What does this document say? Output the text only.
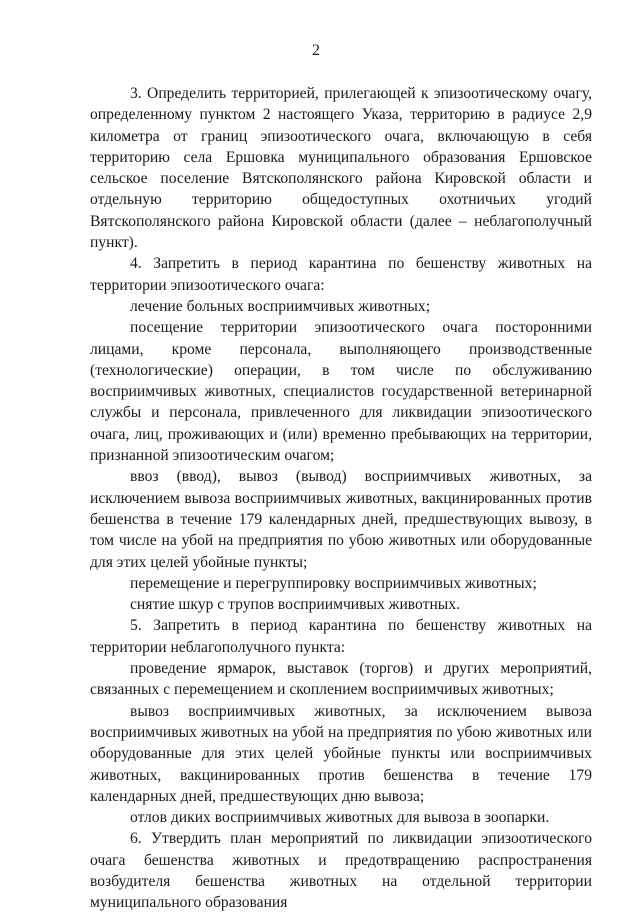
2

3. Определить территорией, прилегающей к эпизоотическому очагу, определенному пунктом 2 настоящего Указа, территорию в радиусе 2,9 километра от границ эпизоотического очага, включающую в себя территорию села Ершовка муниципального образования Ершовское сельское поселение Вятскополянского района Кировской области и отдельную территорию общедоступных охотничьих угодий Вятскополянского района Кировской области (далее – неблагополучный пункт).

4. Запретить в период карантина по бешенству животных на территории эпизоотического очага:

лечение больных восприимчивых животных;

посещение территории эпизоотического очага посторонними лицами, кроме персонала, выполняющего производственные (технологические) операции, в том числе по обслуживанию восприимчивых животных, специалистов государственной ветеринарной службы и персонала, привлеченного для ликвидации эпизоотического очага, лиц, проживающих и (или) временно пребывающих на территории, признанной эпизоотическим очагом;

ввоз (ввод), вывоз (вывод) восприимчивых животных, за исключением вывоза восприимчивых животных, вакцинированных против бешенства в течение 179 календарных дней, предшествующих вывозу, в том числе на убой на предприятия по убою животных или оборудованные для этих целей убойные пункты;

перемещение и перегруппировку восприимчивых животных;

снятие шкур с трупов восприимчивых животных.

5. Запретить в период карантина по бешенству животных на территории неблагополучного пункта:

проведение ярмарок, выставок (торгов) и других мероприятий, связанных с перемещением и скоплением восприимчивых животных;

вывоз восприимчивых животных, за исключением вывоза восприимчивых животных на убой на предприятия по убою животных или оборудованные для этих целей убойные пункты или восприимчивых животных, вакцинированных против бешенства в течение 179 календарных дней, предшествующих дню вывоза;

отлов диких восприимчивых животных для вывоза в зоопарки.

6. Утвердить план мероприятий по ликвидации эпизоотического очага бешенства животных и предотвращению распространения возбудителя бешенства животных на отдельной территории муниципального образования
